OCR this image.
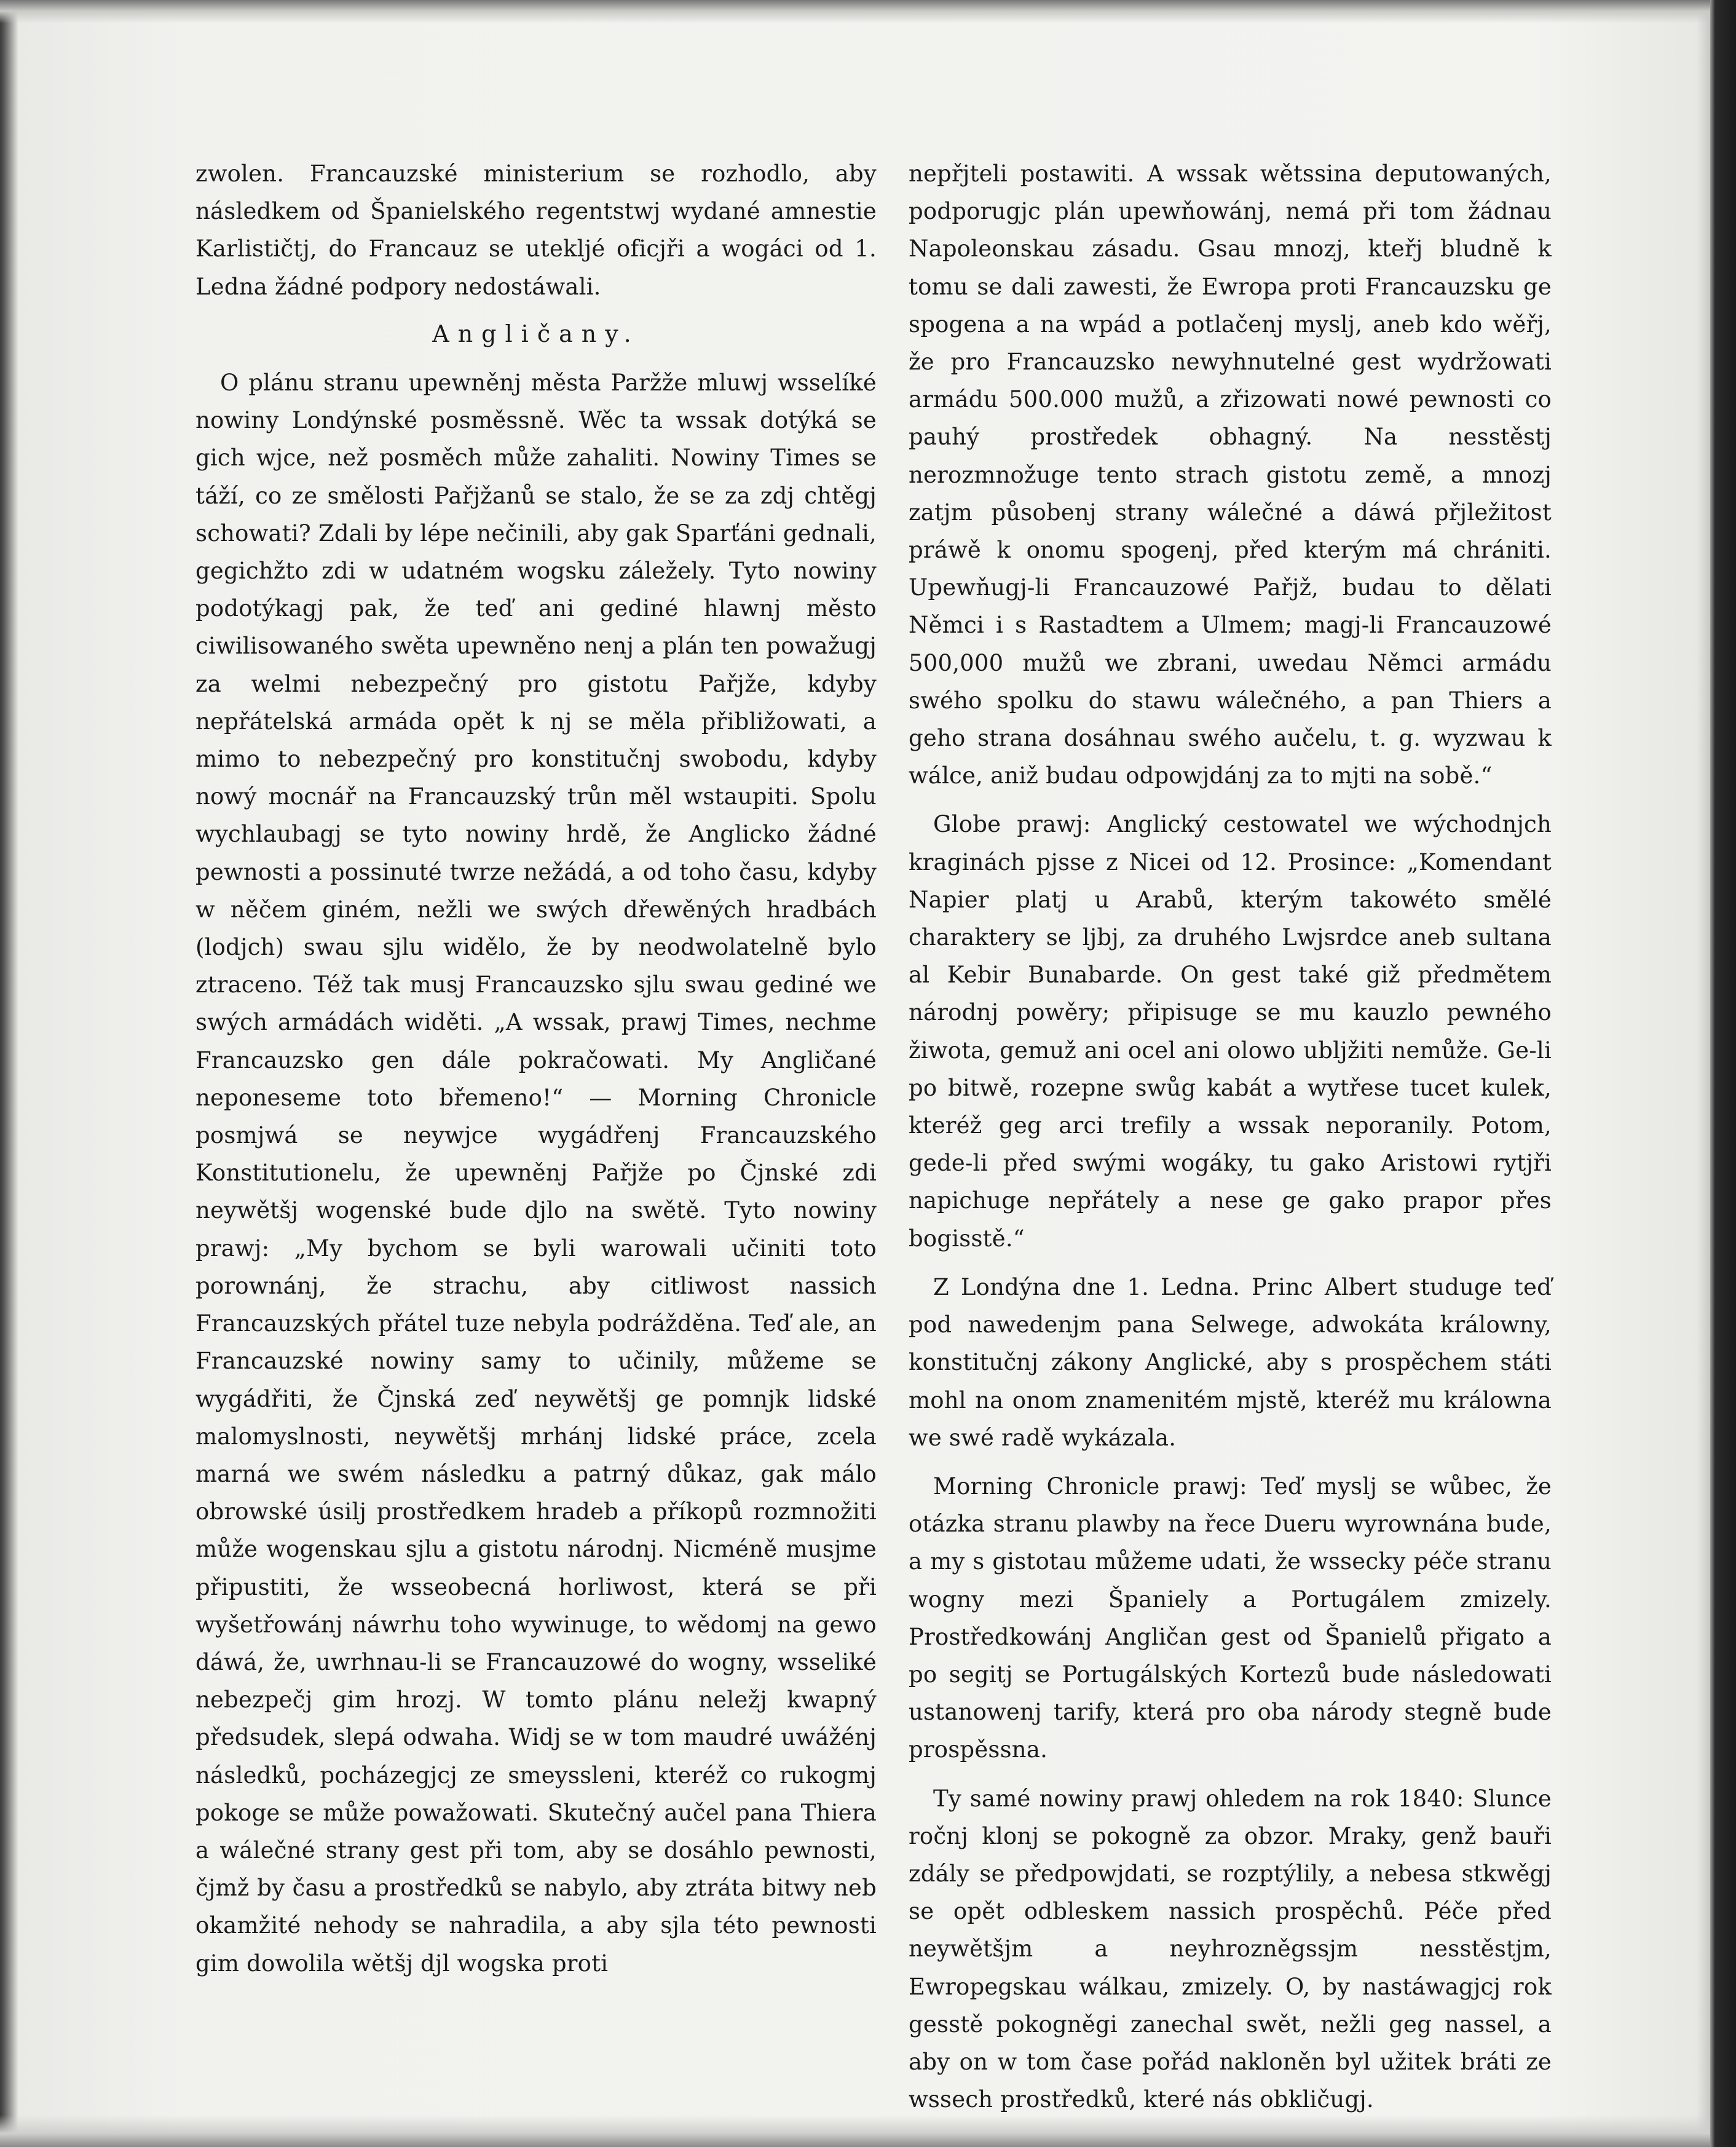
zwolen. Francauzské ministerium se rozhodlo, aby následkem od Španielského regentstwj wydané amnestie Karlističtj, do Francauz se utekljé oficjři a wogáci od 1. Ledna žádné podpory nedostáwali.

Angličany.

O plánu stranu upewněnj města Paržže mluwj wsselíké nowiny Londýnské posměssně. Wěc ta wssak dotýká se gich wjce, než posměch může zahaliti. Nowiny Times se táží, co ze smělosti Pařjžanů se stalo, že se za zdj chtěgj schowati? Zdali by lépe nečinili, aby gak Sparťáni gednali, gegichžto zdi w udatném wogsku záležely. Tyto nowiny podotýkagj pak, že teď ani gediné hlawnj město ciwilisowaného swěta upewněno nenj a plán ten powažugj za welmi nebezpečný pro gistotu Pařjže, kdyby nepřátelská armáda opět k nj se měla přibližowati, a mimo to nebezpečný pro konstitučnj swobodu, kdyby nowý mocnář na Francauzský trůn měl wstaupiti. Spolu wychlaubagj se tyto nowiny hrdě, že Anglicko žádné pewnosti a possinuté twrze nežádá, a od toho času, kdyby w něčem giném, nežli we swých dřewěných hradbách (lodjch) swau sjlu widělo, že by neodwolatelně bylo ztraceno. Též tak musj Francauzsko sjlu swau gediné we swých armádách widěti. „A wssak, prawj Times, nechme Francauzsko gen dále pokračowati. My Angličané neponeseme toto břemeno!“ — Morning Chronicle posmjwá se neywjce wygádřenj Francauzského Konstitutionelu, že upewněnj Pařjže po Čjnské zdi neywětšj wogenské bude djlo na swětě. Tyto nowiny prawj: „My bychom se byli warowali učiniti toto porownánj, že strachu, aby citliwost nassich Francauzských přátel tuze nebyla podrážděna. Teď ale, an Francauzské nowiny samy to učinily, můžeme se wygádřiti, že Čjnská zeď neywětšj ge pomnjk lidské malomyslnosti, neywětšj mrhánj lidské práce, zcela marná we swém následku a patrný důkaz, gak málo obrowské úsilj prostředkem hradeb a příkopů rozmnožiti může wogenskau sjlu a gistotu národnj. Nicméně musjme připustiti, že wsseobecná horliwost, která se při wyšetřowánj náwrhu toho wywinuge, to wědomj na gewo dáwá, že, uwrhnau-li se Francauzowé do wogny, wsseliké nebezpečj gim hrozj. W tomto plánu neležj kwapný předsudek, slepá odwaha. Widj se w tom maudré uwážénj následků, pocházegjcj ze smeyssleni, kteréž co rukogmj pokoge se může powažowati. Skutečný aučel pana Thiera a wálečné strany gest při tom, aby se dosáhlo pewnosti, čjmž by času a prostředků se nabylo, aby ztráta bitwy neb okamžité nehody se nahradila, a aby sjla této pewnosti gim dowolila wětšj djl wogska proti

nepřjteli postawiti. A wssak wětssina deputowaných, podporugjc plán upewňowánj, nemá při tom žádnau Napoleonskau zásadu. Gsau mnozj, kteřj bludně k tomu se dali zawesti, že Ewropa proti Francauzsku ge spogena a na wpád a potlačenj myslj, aneb kdo wěřj, že pro Francauzsko newyhnutelné gest wydržowati armádu 500.000 mužů, a zřizowati nowé pewnosti co pauhý prostředek obhagný. Na nesstěstj nerozmnožuge tento strach gistotu země, a mnozj zatjm působenj strany wálečné a dáwá přjležitost práwě k onomu spogenj, před kterým má chrániti. Upewňugj-li Francauzowé Pařjž, budau to dělati Němci i s Rastadtem a Ulmem; magj-li Francauzowé 500,000 mužů we zbrani, uwedau Němci armádu swého spolku do stawu wálečného, a pan Thiers a geho strana dosáhnau swého aučelu, t. g. wyzwau k wálce, aniž budau odpowjdánj za to mjti na sobě.“

Globe prawj: Anglický cestowatel we wýchodnjch kraginách pjsse z Nicei od 12. Prosince: „Komendant Napier platj u Arabů, kterým takowéto smělé charaktery se ljbj, za druhého Lwjsrdce aneb sultana al Kebir Bunabarde. On gest také giž předmětem národnj powěry; připisuge se mu kauzlo pewného žiwota, gemuž ani ocel ani olowo ubljžiti nemůže. Ge-li po bitwě, rozepne swůg kabát a wytřese tucet kulek, kteréž geg arci trefily a wssak neporanily. Potom, gede-li před swými wogáky, tu gako Aristowi rytjři napichuge nepřátely a nese ge gako prapor přes bogisstě.“

Z Londýna dne 1. Ledna. Princ Albert studuge teď pod nawedenjm pana Selwege, adwokáta králowny, konstitučnj zákony Anglické, aby s prospěchem státi mohl na onom znamenitém mjstě, kteréž mu králowna we swé radě wykázala.

Morning Chronicle prawj: Teď myslj se wůbec, že otázka stranu plawby na řece Dueru wyrownána bude, a my s gistotau můžeme udati, že wsseckу péče stranu wogny mezi Španiely a Portugálem zmizely. Prostředkowánj Angličan gest od Španielů přigato a po segitj se Portugálských Kortezů bude následowati ustanowenj tarify, která pro oba národy stegně bude prospěssna.

Ty samé nowiny prawj ohledem na rok 1840: Slunce ročnj klonj se pokogně za obzor. Mraky, genž bauři zdály se předpowjdati, se rozptýlily, a nebesa stkwěgj se opět odbleskem nassich prospěchů. Péče před neywětšjm a neyhrozněgssjm nesstěstjm, Ewropegskau wálkau, zmizely. O, by nastáwagjcj rok gesstě pokogněgi zanechal swět, nežli geg nassel, a aby on w tom čase pořád nakloněn byl užitek bráti ze wssech prostředků, které nás obkličugj.
